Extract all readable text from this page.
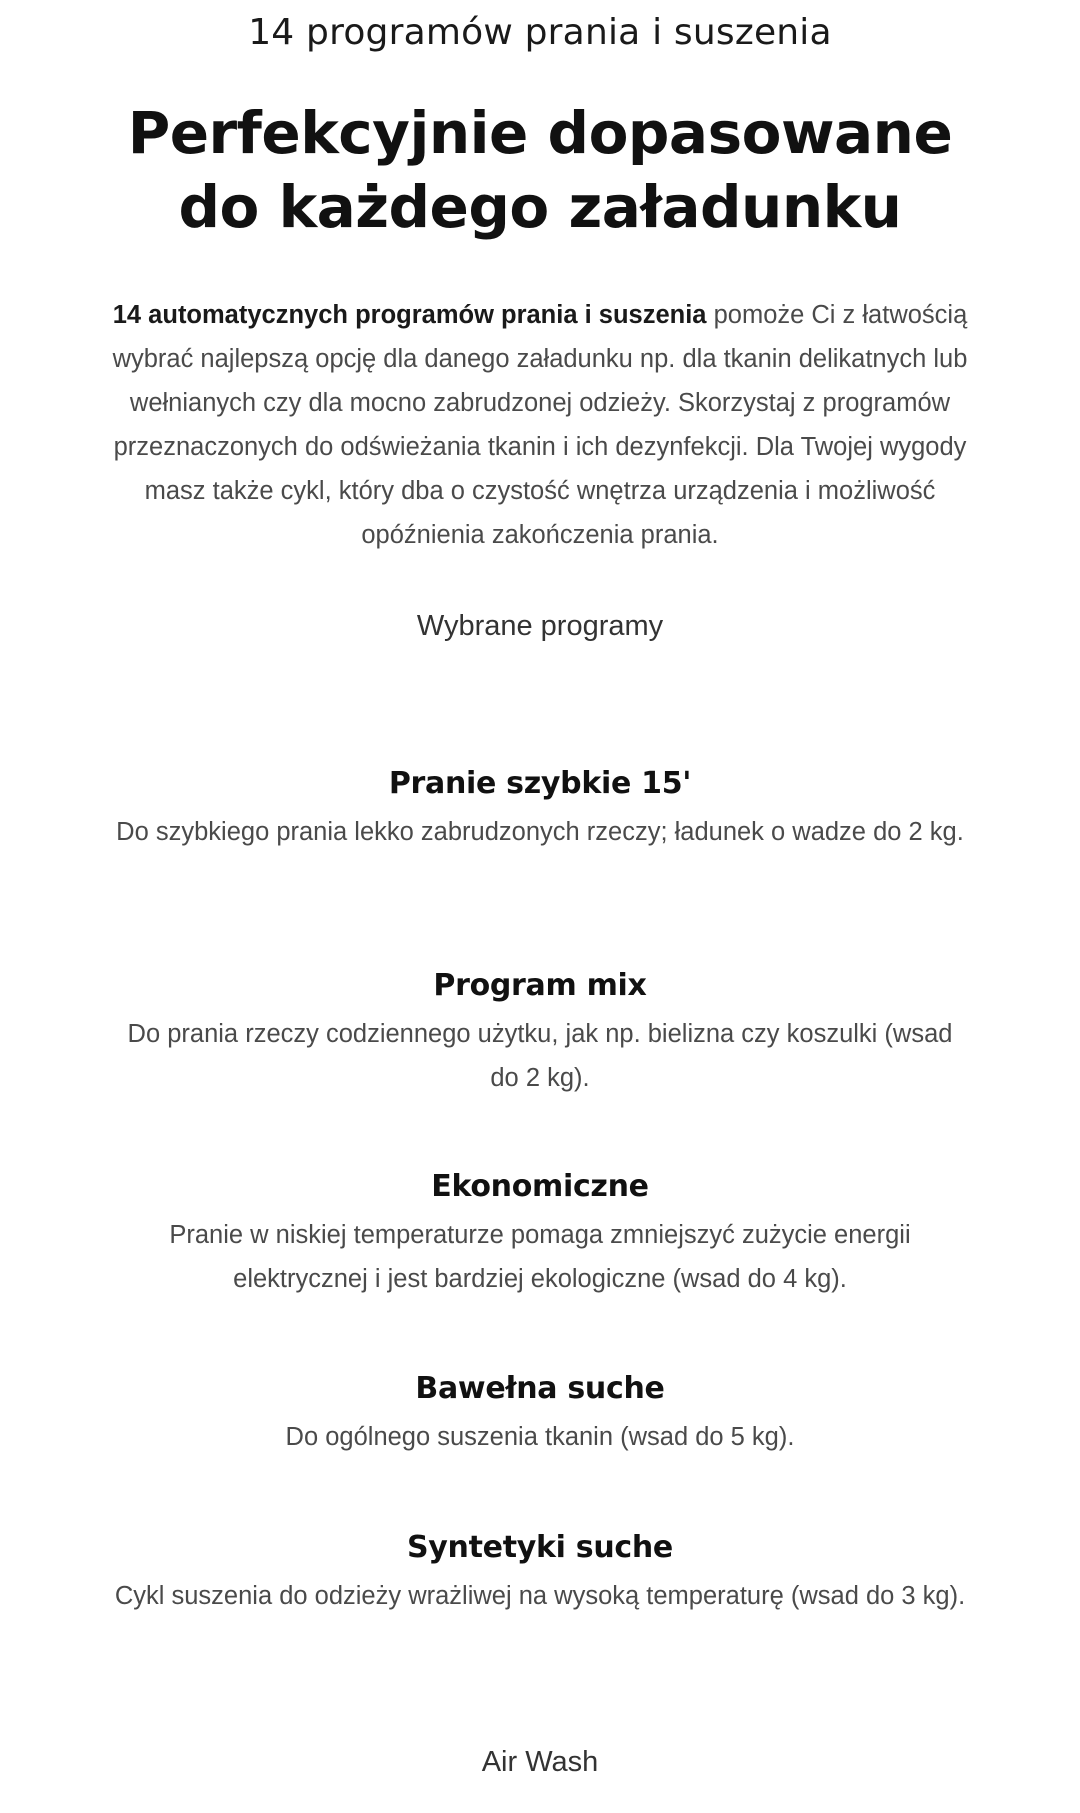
14 programów prania i suszenia
Perfekcyjnie dopasowane
do każdego załadunku
14 automatycznych programów prania i suszenia pomoże Ci z łatwością wybrać najlepszą opcję dla danego załadunku np. dla tkanin delikatnych lub wełnianych czy dla mocno zabrudzonej odzieży. Skorzystaj z programów przeznaczonych do odświeżania tkanin i ich dezynfekcji. Dla Twojej wygody masz także cykl, który dba o czystość wnętrza urządzenia i możliwość opóźnienia zakończenia prania.
Wybrane programy
Pranie szybkie 15'
Do szybkiego prania lekko zabrudzonych rzeczy; ładunek o wadze do 2 kg.
Program mix
Do prania rzeczy codziennego użytku, jak np. bielizna czy koszulki (wsad do 2 kg).
Ekonomiczne
Pranie w niskiej temperaturze pomaga zmniejszyć zużycie energii elektrycznej i jest bardziej ekologiczne (wsad do 4 kg).
Bawełna suche
Do ogólnego suszenia tkanin (wsad do 5 kg).
Syntetyki suche
Cykl suszenia do odzieży wrażliwej na wysoką temperaturę (wsad do 3 kg).
Air Wash
